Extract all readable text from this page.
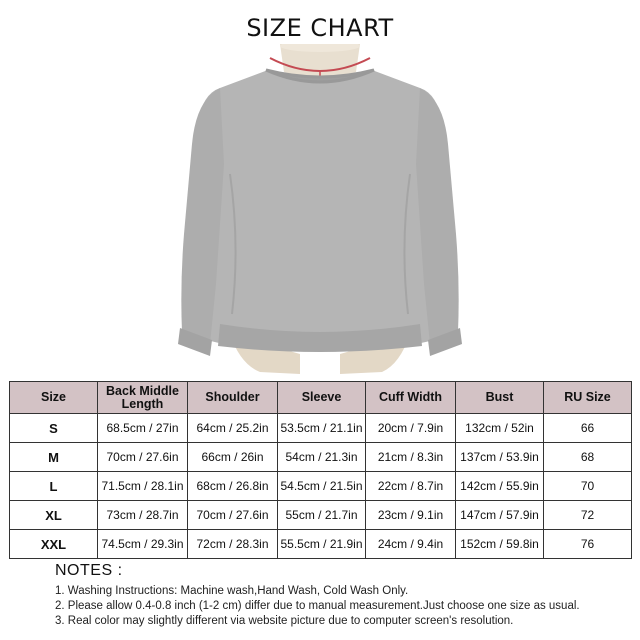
SIZE CHART
Size	Back Middle Length	Shoulder	Sleeve	Cuff Width	Bust	RU Size
S	68.5cm / 27in	64cm / 25.2in	53.5cm / 21.1in	20cm / 7.9in	132cm / 52in	66
M	70cm / 27.6in	66cm / 26in	54cm / 21.3in	21cm / 8.3in	137cm / 53.9in	68
L	71.5cm / 28.1in	68cm / 26.8in	54.5cm / 21.5in	22cm / 8.7in	142cm / 55.9in	70
XL	73cm / 28.7in	70cm / 27.6in	55cm / 21.7in	23cm / 9.1in	147cm / 57.9in	72
XXL	74.5cm / 29.3in	72cm / 28.3in	55.5cm / 21.9in	24cm / 9.4in	152cm / 59.8in	76
NOTES :
1. Washing Instructions: Machine wash,Hand Wash, Cold Wash Only.
2. Please allow 0.4-0.8 inch (1-2 cm) differ due to manual measurement.Just choose one size as usual.
3. Real color may slightly different via website picture due to computer screen's resolution.
